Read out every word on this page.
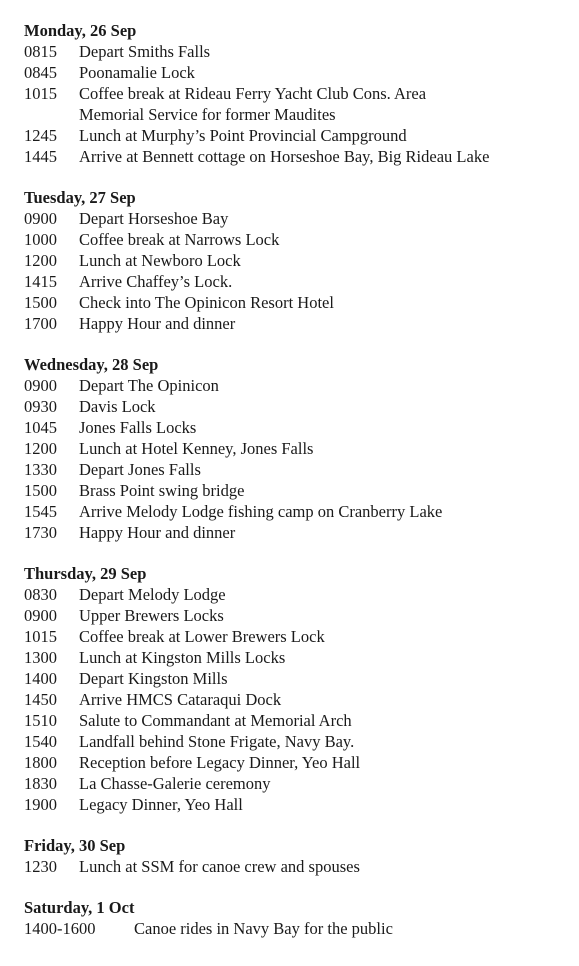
Monday, 26 Sep
0815	Depart Smiths Falls
0845	Poonamalie Lock
1015	Coffee break at Rideau Ferry Yacht Club Cons. Area
Memorial Service for former Maudites
1245	Lunch at Murphy’s Point Provincial Campground
1445	Arrive at Bennett cottage on Horseshoe Bay, Big Rideau Lake
Tuesday, 27 Sep
0900	Depart Horseshoe Bay
1000	Coffee break at Narrows Lock
1200	Lunch at Newboro Lock
1415	Arrive Chaffey’s Lock.
1500	Check into The Opinicon Resort Hotel
1700	Happy Hour and dinner
Wednesday, 28 Sep
0900	Depart The Opinicon
0930	Davis Lock
1045	Jones Falls Locks
1200	Lunch at Hotel Kenney, Jones Falls
1330	Depart Jones Falls
1500	Brass Point swing bridge
1545	Arrive Melody Lodge fishing camp on Cranberry Lake
1730	Happy Hour and dinner
Thursday, 29 Sep
0830	Depart Melody Lodge
0900	Upper Brewers Locks
1015	Coffee break at Lower Brewers Lock
1300	Lunch at Kingston Mills Locks
1400	Depart Kingston Mills
1450	Arrive HMCS Cataraqui Dock
1510	Salute to Commandant at Memorial Arch
1540	Landfall behind Stone Frigate, Navy Bay.
1800	Reception before Legacy Dinner, Yeo Hall
1830	La Chasse-Galerie ceremony
1900	Legacy Dinner, Yeo Hall
Friday, 30 Sep
1230	Lunch at SSM for canoe crew and spouses
Saturday, 1 Oct
1400-1600	Canoe rides in Navy Bay for the public
